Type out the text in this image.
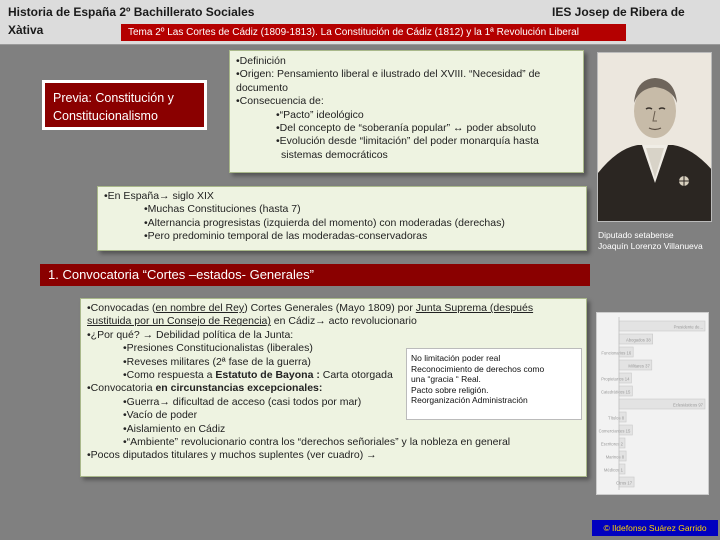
Historia de España 2º Bachillerato Sociales
Xàtiva
IES Josep de Ribera de
Tema 2º Las Cortes de Cádiz (1809-1813). La Constitución de Cádiz (1812) y la 1ª Revolución Liberal
Previa: Constitución y
Constitucionalismo
•Definición
•Origen: Pensamiento liberal e ilustrado del XVIII. “Necesidad” de
documento
•Consecuencia de:
•“Pacto” ideológico
•Del concepto de “soberanía popular” ↔ poder absoluto
•Evolución desde “limitación” del poder monarquía hasta
sistemas democráticos
•En España→ siglo XIX
•Muchas Constituciones (hasta 7)
•Alternancia progresistas (izquierda del momento) con moderadas (derechas)
•Pero predominio temporal de las moderadas-conservadoras	Diputado setabense
Joaquín Lorenzo Villanueva
1. Convocatoria “Cortes –estados- Generales”
•Convocadas (en nombre del Rey) Cortes Generales (Mayo 1809) por Junta Suprema (después
sustituida por un Consejo de Regencia) en Cádiz→ acto revolucionario
•¿Por qué? → Debilidad política de la Junta:
•Presiones Constitucionalistas (liberales)
•Reveses militares (2ª fase de la guerra)
•Como respuesta a Estatuto de Bayona : Carta otorgada
•Convocatoria en circunstancias excepcionales:
•Guerra→ dificultad de acceso (casi todos por mar)
•Vacío de poder
•Aislamiento en Cádiz
•“Ambiente” revolucionario contra los “derechos señoriales” y la nobleza en general
•Pocos diputados titulares y muchos suplentes (ver cuadro) →
No limitación poder real
Reconocimiento de derechos como
una “gracia “ Real.
Pacto sobre religión.
Reorganización Administración
Presidente de...
Abogados 38
Funcionarios 16
Militares 37
Propietarios 14
Catedráticos 15
Eclesiásticos 97
Títulos 8
Comerciantes 15
Escritores 2
Marinos 8
Médicos 1
Otros 17
© Ildefonso Suárez Garrido
